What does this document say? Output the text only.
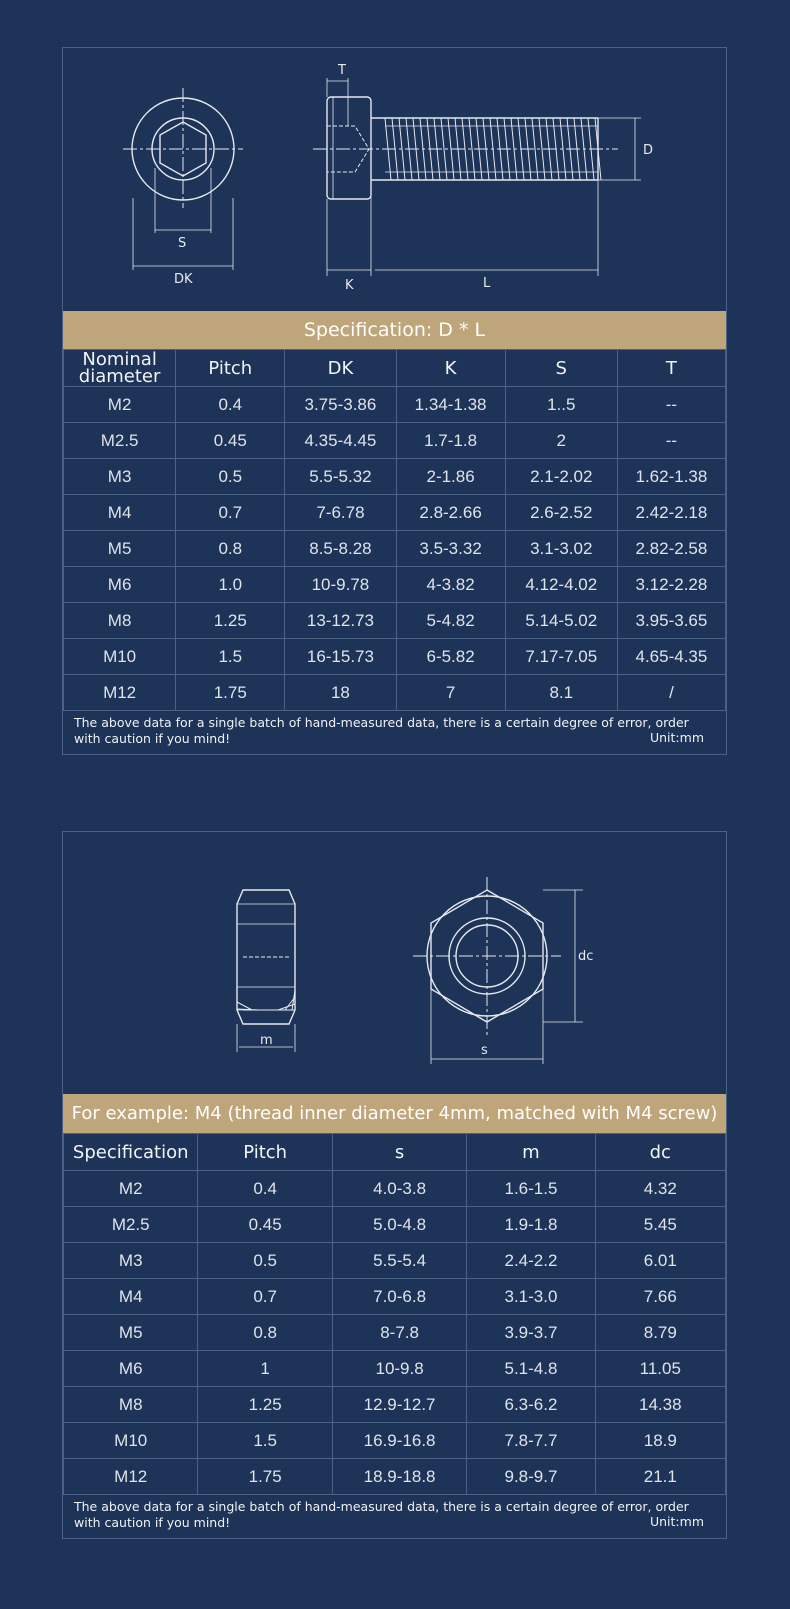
T
D
S
DK	K	L
Specification: D * L
Nominal diameter	Pitch	DK	K	S	T
M2	0.4	3.75-3.86	1.34-1.38	1..5	--
M2.5	0.45	4.35-4.45	1.7-1.8	2	--
M3	0.5	5.5-5.32	2-1.86	2.1-2.02	1.62-1.38
M4	0.7	7-6.78	2.8-2.66	2.6-2.52	2.42-2.18
M5	0.8	8.5-8.28	3.5-3.32	3.1-3.02	2.82-2.58
M6	1.0	10-9.78	4-3.82	4.12-4.02	3.12-2.28
M8	1.25	13-12.73	5-4.82	5.14-5.02	3.95-3.65
M10	1.5	16-15.73	6-5.82	7.17-7.05	4.65-4.35
M12	1.75	18	7	8.1	/
The above data for a single batch of hand-measured data, there is a certain degree of error, order with caution if you mind!	Unit:mm
m
dc
s
For example: M4 (thread inner diameter 4mm, matched with M4 screw)
Specification	Pitch	s	m	dc
M2	0.4	4.0-3.8	1.6-1.5	4.32
M2.5	0.45	5.0-4.8	1.9-1.8	5.45
M3	0.5	5.5-5.4	2.4-2.2	6.01
M4	0.7	7.0-6.8	3.1-3.0	7.66
M5	0.8	8-7.8	3.9-3.7	8.79
M6	1	10-9.8	5.1-4.8	11.05
M8	1.25	12.9-12.7	6.3-6.2	14.38
M10	1.5	16.9-16.8	7.8-7.7	18.9
M12	1.75	18.9-18.8	9.8-9.7	21.1
The above data for a single batch of hand-measured data, there is a certain degree of error, order with caution if you mind!	Unit:mm
